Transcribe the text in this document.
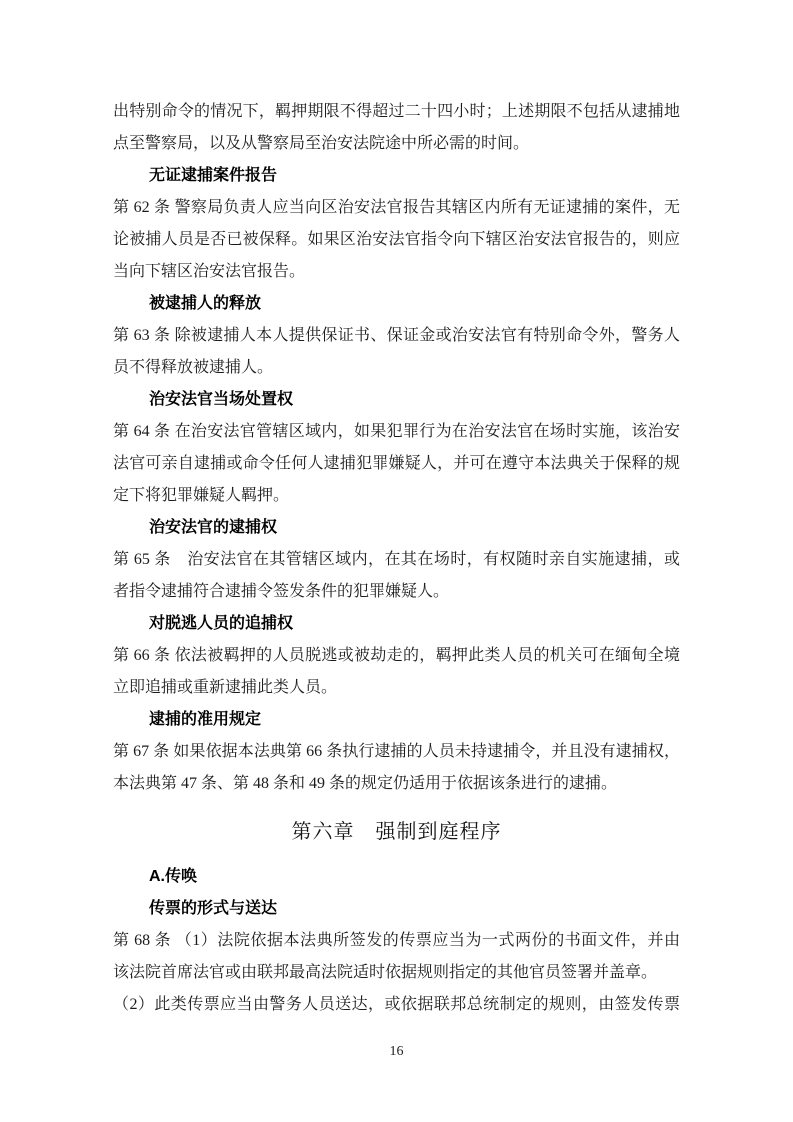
出特别命令的情况下，羁押期限不得超过二十四小时；上述期限不包括从逮捕地
点至警察局，以及从警察局至治安法院途中所必需的时间。
无证逮捕案件报告
第 62 条 警察局负责人应当向区治安法官报告其辖区内所有无证逮捕的案件，无
论被捕人员是否已被保释。如果区治安法官指令向下辖区治安法官报告的，则应
当向下辖区治安法官报告。
被逮捕人的释放
第 63 条 除被逮捕人本人提供保证书、保证金或治安法官有特别命令外，警务人
员不得释放被逮捕人。
治安法官当场处置权
第 64 条 在治安法官管辖区域内，如果犯罪行为在治安法官在场时实施，该治安
法官可亲自逮捕或命令任何人逮捕犯罪嫌疑人，并可在遵守本法典关于保释的规
定下将犯罪嫌疑人羁押。
治安法官的逮捕权
第 65 条　治安法官在其管辖区域内，在其在场时，有权随时亲自实施逮捕，或
者指令逮捕符合逮捕令签发条件的犯罪嫌疑人。
对脱逃人员的追捕权
第 66 条 依法被羁押的人员脱逃或被劫走的，羁押此类人员的机关可在缅甸全境
立即追捕或重新逮捕此类人员。
逮捕的准用规定
第 67 条 如果依据本法典第 66 条执行逮捕的人员未持逮捕令，并且没有逮捕权，
本法典第 47 条、第 48 条和 49 条的规定仍适用于依据该条进行的逮捕。
第六章　强制到庭程序
A.传唤
传票的形式与送达
第 68 条 （1）法院依据本法典所签发的传票应当为一式两份的书面文件，并由
该法院首席法官或由联邦最高法院适时依据规则指定的其他官员签署并盖章。
（2）此类传票应当由警务人员送达，或依据联邦总统制定的规则，由签发传票
16
